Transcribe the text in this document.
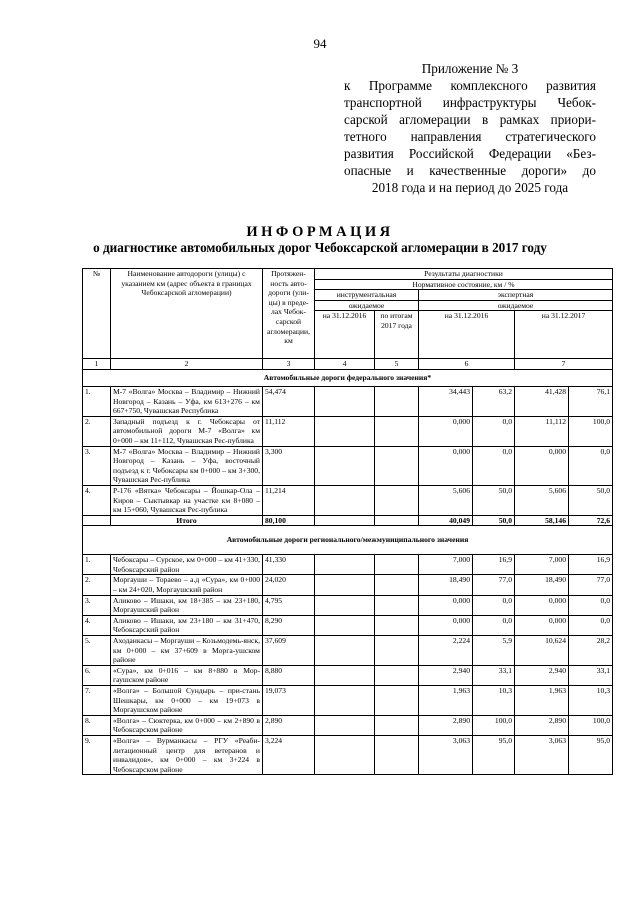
94
Приложение № 3
к Программе комплексного развития
транспортной инфраструктуры Чебок-
сарской агломерации в рамках приори-
тетного направления стратегического
развития Российской Федерации «Без-
опасные и качественные дороги» до
2018 года и на период до 2025 года
ИНФОРМАЦИЯ
о диагностике автомобильных дорог Чебоксарской агломерации в 2017 году
№	Наименование автодороги (улицы) с указанием км (адрес объекта в границах Чебоксарской агломерации)	Протяжен-ность авто-дороги (ули-цы) в преде-лах Чебок-сарской агломерации, км	Результаты диагностики					
			Нормативное состояние, км / %					
			инструментальная		экспертная			
			ожидаемое		ожидаемое			
			на 31.12.2016	по итогам 2017 года	на 31.12.2016		на 31.12.2017	
1	2	3	4	5	6		7	
Автомобильные дороги федерального значения*								
1.	М-7 «Волга» Москва – Владимир – Нижний Новгород – Казань – Уфа, км 613+276 – км 667+750, Чувашская Республика	54,474			34,443	63,2	41,428	76,1
2.	Западный подъезд к г. Чебоксары от автомобильной дороги М-7 «Волга» км 0+000 – км 11+112, Чувашская Рес-публика	11,112			0,000	0,0	11,112	100,0
3.	М-7 «Волга» Москва – Владимир – Нижний Новгород – Казань – Уфа, восточный подъезд к г. Чебоксары км 0+000 – км 3+300, Чувашская Рес-публика	3,300			0,000	0,0	0,000	0,0
4.	Р-176 «Вятка» Чебоксары – Йошкар-Ола – Киров – Сыктывкар на участке км 8+080 – км 15+060, Чувашская Рес-публика	11,214			5,606	50,0	5,606	50,0
	Итого	80,100			40,049	50,0	58,146	72,6
Автомобильные дороги регионального/межмуниципального значения								
1.	Чебоксары – Сурское, км 0+000 – км 41+330, Чебоксарский район	41,330			7,000	16,9	7,000	16,9
2.	Моргауши – Тораево – а.д «Сура», км 0+000 – км 24+020, Моргаушский район	24,020			18,490	77,0	18,490	77,0
3.	Аликово – Ишаки, км 18+385 – км 23+180, Моргаушский район	4,795			0,000	0,0	0,000	0,0
4.	Аликово – Ишаки, км 23+180 – км 31+470, Чебоксарский район	8,290			0,000	0,0	0,000	0,0
5.	Аходанкасы – Моргауши – Козьмодемь-янск, км 0+000 – км 37+609 в Морга-ушском районе	37,609			2,224	5,9	10,624	28,2
6.	«Сура», км 0+016 – км 8+880 в Мор-гаушском районе	8,880			2,940	33,1	2,940	33,1
7.	«Волга» – Большой Сундырь – при-стань Шешкары, км 0+000 – км 19+073 в Моргаушском районе	19,073			1,963	10,3	1,963	10,3
8.	«Волга» – Сюктерка, км 0+000 – км 2+890 в Чебоксарском районе	2,890			2,890	100,0	2,890	100,0
9.	«Волга» – Вурманкасы – РГУ «Реаби-литационный центр для ветеранов и инвалидов», км 0+000 – км 3+224 в Чебоксарском районе	3,224			3,063	95,0	3,063	95,0
